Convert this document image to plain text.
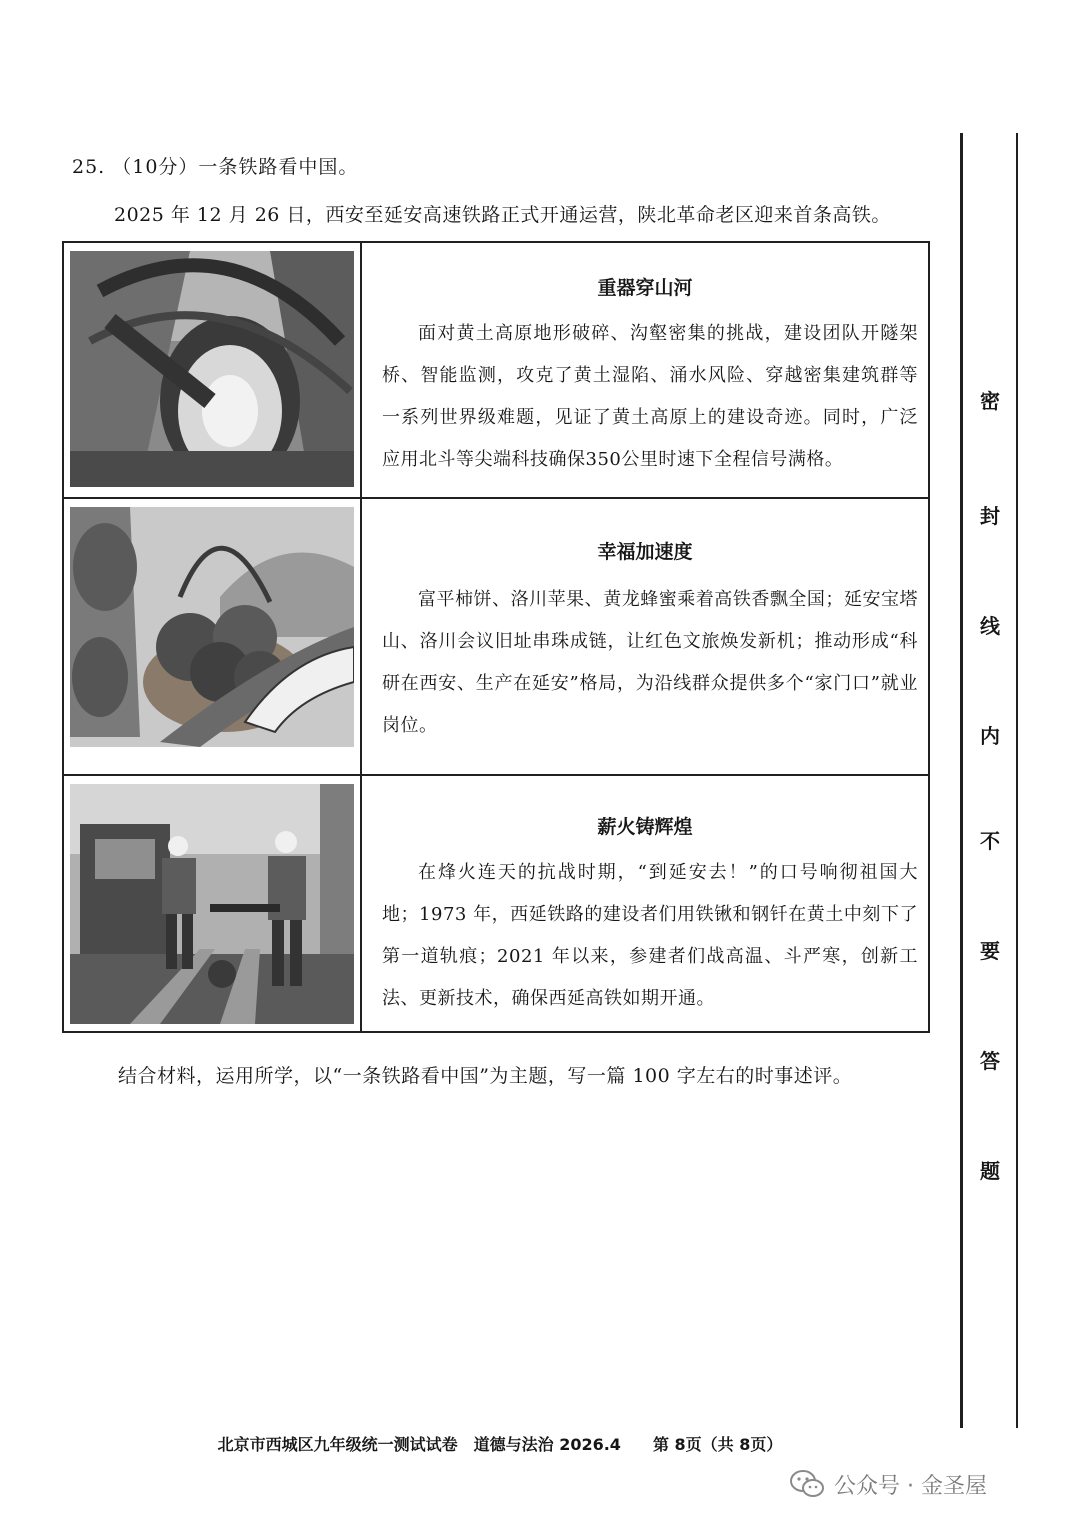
25. （10分）一条铁路看中国。
2025 年 12 月 26 日，西安至延安高速铁路正式开通运营，陕北革命老区迎来首条高铁。
重器穿山河
面对黄土高原地形破碎、沟壑密集的挑战，建设团队开隧架桥、智能监测，攻克了黄土湿陷、涌水风险、穿越密集建筑群等一系列世界级难题，见证了黄土高原上的建设奇迹。同时，广泛应用北斗等尖端科技确保350公里时速下全程信号满格。
幸福加速度
富平柿饼、洛川苹果、黄龙蜂蜜乘着高铁香飘全国；延安宝塔山、洛川会议旧址串珠成链，让红色文旅焕发新机；推动形成“科研在西安、生产在延安”格局，为沿线群众提供多个“家门口”就业岗位。
薪火铸辉煌
在烽火连天的抗战时期，“到延安去！”的口号响彻祖国大地；1973 年，西延铁路的建设者们用铁锹和钢钎在黄土中刻下了第一道轨痕；2021 年以来，参建者们战高温、斗严寒，创新工法、更新技术，确保西延高铁如期开通。
结合材料，运用所学，以“一条铁路看中国”为主题，写一篇 100 字左右的时事述评。
密
封
线
内
不
要
答
题
北京市西城区九年级统一测试试卷　道德与法治 2026.4　　第 8页（共 8页）
公众号 · 金圣屋
